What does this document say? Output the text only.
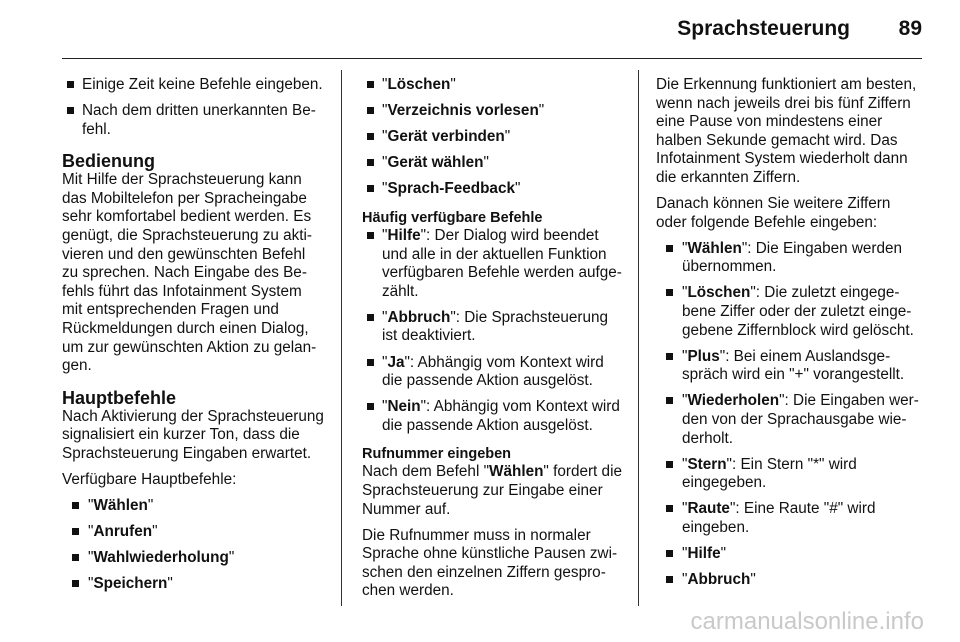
Sprachsteuerung 89
Einige Zeit keine Befehle eingeben.
Nach dem dritten unerkannten Befehl.
Bedienung

Mit Hilfe der Sprachsteuerung kann das Mobiltelefon per Spracheingabe sehr komfortabel bedient werden. Es genügt, die Sprachsteuerung zu aktivieren und den gewünschten Befehl zu sprechen. Nach Eingabe des Befehls führt das Infotainment System mit entsprechenden Fragen und Rückmeldungen durch einen Dialog, um zur gewünschten Aktion zu gelangen.

Hauptbefehle

Nach Aktivierung der Sprachsteuerung signalisiert ein kurzer Ton, dass die Sprachsteuerung Eingaben erwartet.

Verfügbare Hauptbefehle:

"Wählen"
"Anrufen"
"Wahlwiederholung"
"Speichern"
"Löschen"
"Verzeichnis vorlesen"
"Gerät verbinden"
"Gerät wählen"
"Sprach-Feedback"
Häufig verfügbare Befehle
"Hilfe": Der Dialog wird beendet und alle in der aktuellen Funktion verfügbaren Befehle werden aufgezählt.
"Abbruch": Die Sprachsteuerung ist deaktiviert.
"Ja": Abhängig vom Kontext wird die passende Aktion ausgelöst.
"Nein": Abhängig vom Kontext wird die passende Aktion ausgelöst.
Rufnummer eingeben

Nach dem Befehl "Wählen" fordert die Sprachsteuerung zur Eingabe einer Nummer auf.

Die Rufnummer muss in normaler Sprache ohne künstliche Pausen zwischen den einzelnen Ziffern gesprochen werden.

Die Erkennung funktioniert am besten, wenn nach jeweils drei bis fünf Ziffern eine Pause von mindestens einer halben Sekunde gemacht wird. Das Infotainment System wiederholt dann die erkannten Ziffern.

Danach können Sie weitere Ziffern oder folgende Befehle eingeben:

"Wählen": Die Eingaben werden übernommen.
"Löschen": Die zuletzt eingegebene Ziffer oder der zuletzt eingegebene Ziffernblock wird gelöscht.
"Plus": Bei einem Auslandsgespräch wird ein "+" vorangestellt.
"Wiederholen": Die Eingaben werden von der Sprachausgabe wiederholt.
"Stern": Ein Stern "*" wird eingegeben.
"Raute": Eine Raute "#" wird eingeben.
"Hilfe"
"Abbruch"
carmanualsonline.info
